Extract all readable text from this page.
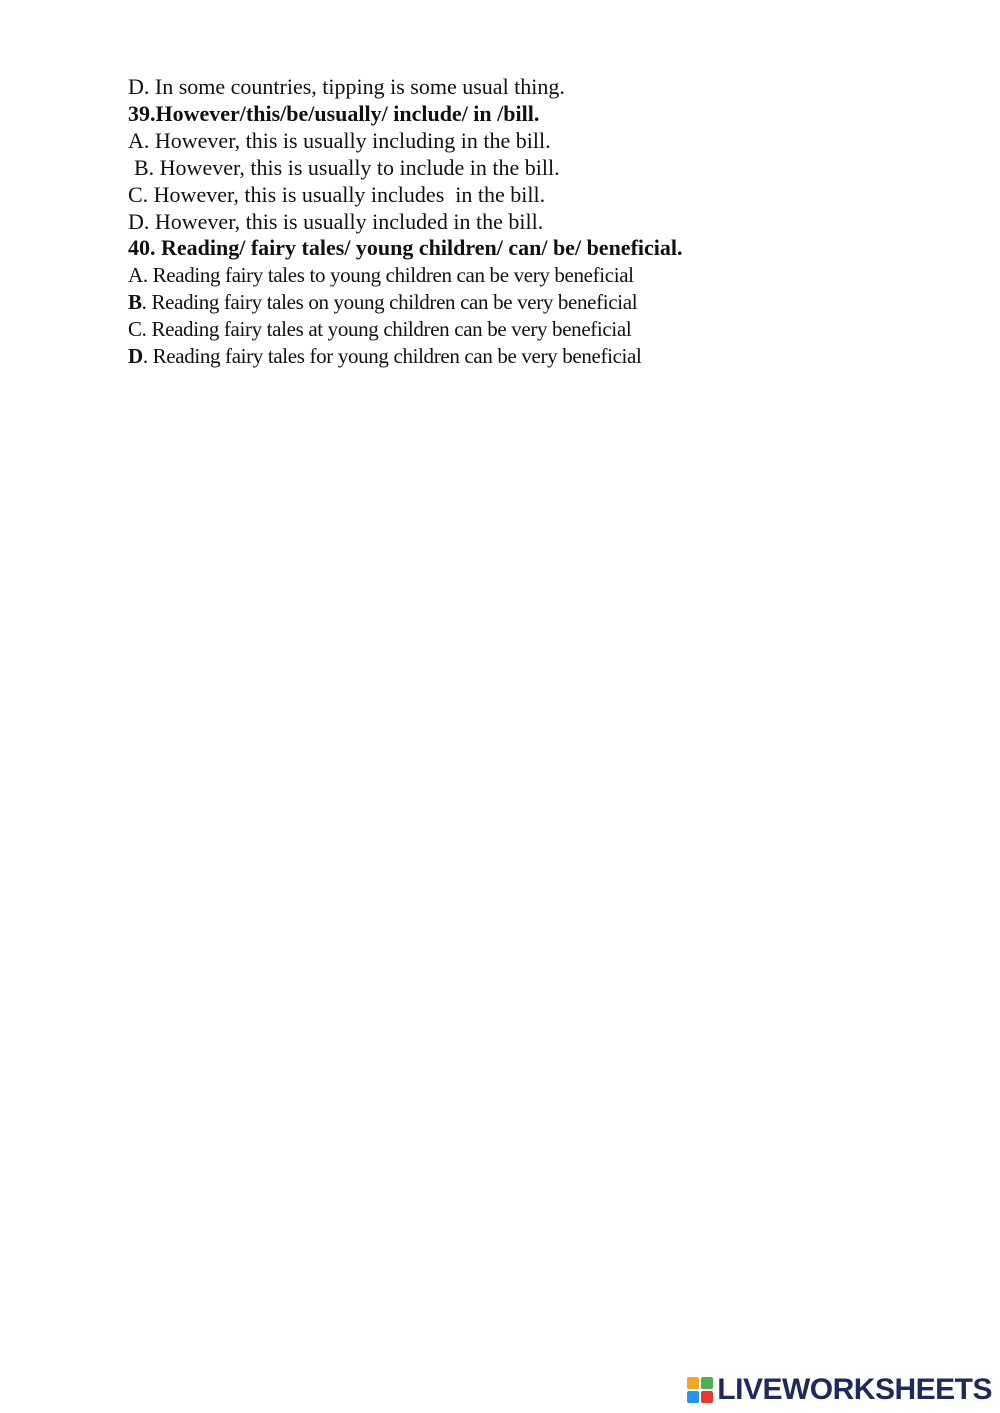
D. In some countries, tipping is some usual thing.

39.However/this/be/usually/ include/ in /bill.

A. However, this is usually including in the bill.

B. However, this is usually to include in the bill.

C. However, this is usually includes  in the bill.

D. However, this is usually included in the bill.

40. Reading/ fairy tales/ young children/ can/ be/ beneficial.

A. Reading fairy tales to young children can be very beneficial

B. Reading fairy tales on young children can be very beneficial

C. Reading fairy tales at young children can be very beneficial

D. Reading fairy tales for young children can be very beneficial

LIVEWORKSHEETS
